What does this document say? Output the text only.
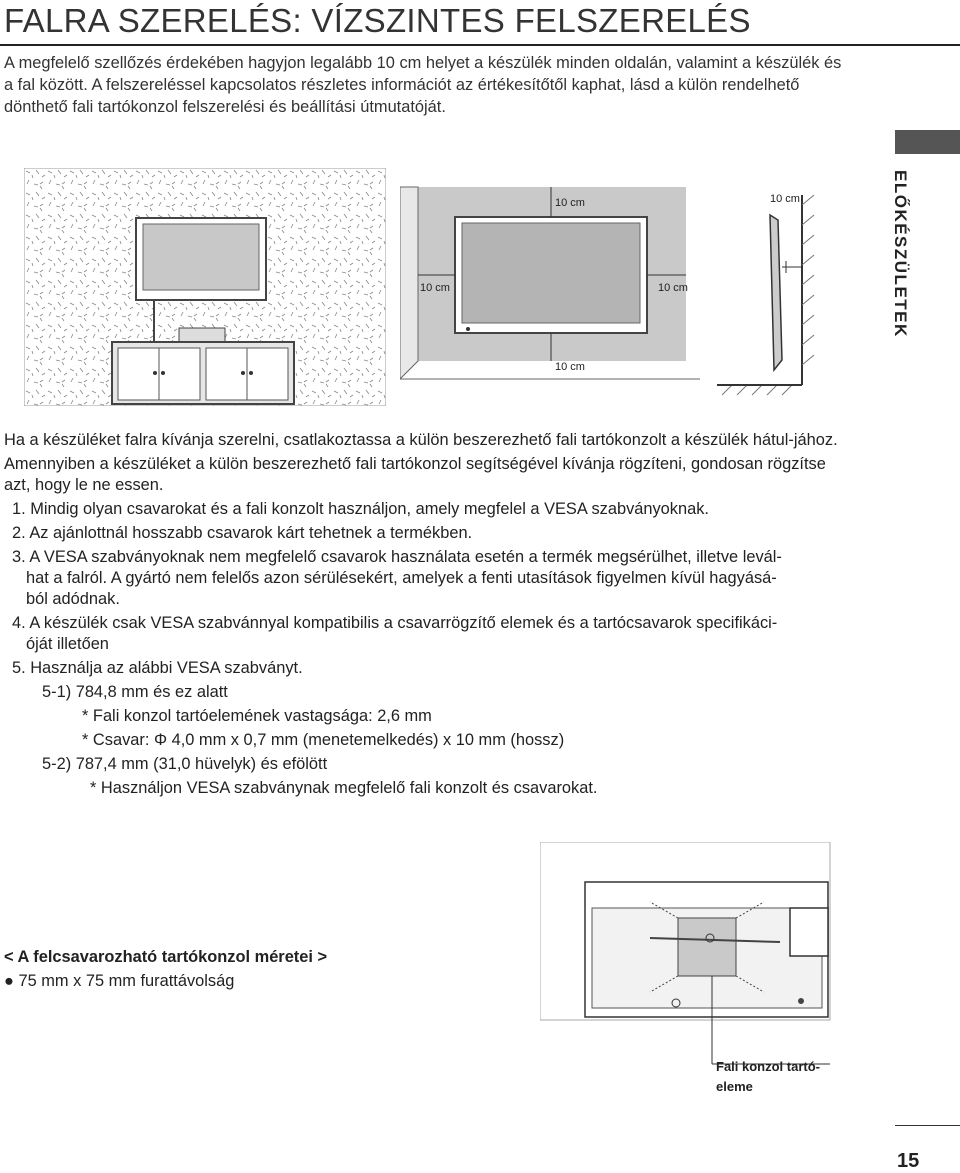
FALRA SZERELÉS: VÍZSZINTES FELSZERELÉS
A megfelelő szellőzés érdekében hagyjon legalább 10 cm helyet a készülék minden oldalán, valamint a készülék és a fal között. A felszereléssel kapcsolatos részletes információt az értékesítőtől kaphat, lásd a külön rendelhető dönthető fali tartókonzol felszerelési és beállítási útmutatóját.
ELŐKÉSZÜLETEK
10 cm
10 cm	10 cm
10 cm
10 cm

Ha a készüléket falra kívánja szerelni, csatlakoztassa a külön beszerezhető fali tartókonzolt a készülék hátul-jához.

Amennyiben a készüléket a külön beszerezhető fali tartókonzol segítségével kívánja rögzíteni, gondosan rögzítse azt, hogy le ne essen.

1. Mindig olyan csavarokat és a fali konzolt használjon, amely megfelel a VESA szabványoknak.

2. Az ajánlottnál hosszabb csavarok kárt tehetnek a termékben.

3. A VESA szabványoknak nem megfelelő csavarok használata esetén a termék megsérülhet, illetve levál-

hat a falról. A gyártó nem felelős azon sérülésekért, amelyek a fenti utasítások figyelmen kívül hagyásá-

ból adódnak.

4. A készülék csak VESA szabvánnyal kompatibilis a csavarrögzítő elemek és a tartócsavarok specifikáci-

óját illetően

5. Használja az alábbi VESA szabványt.

5-1) 784,8 mm és ez alatt

* Fali konzol tartóelemének vastagsága: 2,6 mm

* Csavar: Φ 4,0 mm x 0,7 mm (menetemelkedés) x 10 mm (hossz)

5-2) 787,4 mm (31,0 hüvelyk) és efölött

* Használjon VESA szabványnak megfelelő fali konzolt és csavarokat.

< A felcsavarozható tartókonzol méretei >
● 75 mm x 75 mm furattávolság
Fali konzol tartó-eleme
15
